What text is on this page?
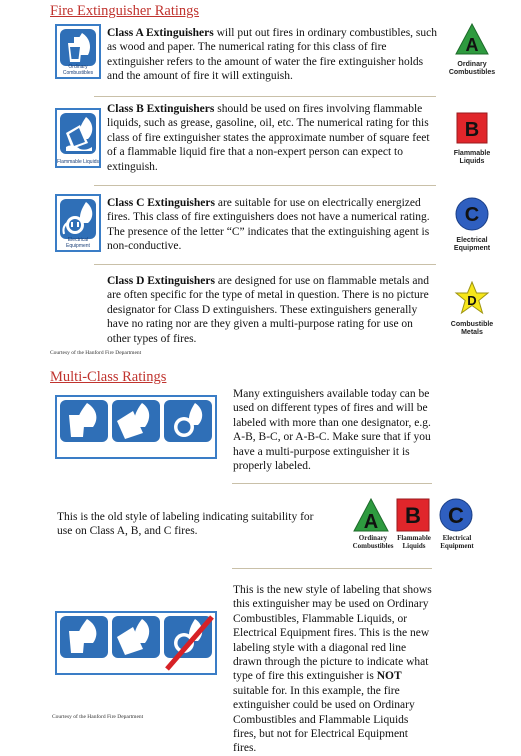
Fire Extinguisher Ratings
Ordinary Combustibles

Class A Extinguishers will put out fires in ordinary combustibles, such as wood and paper. The numerical rating for this class of fire extinguisher refers to the amount of water the fire extinguisher holds and the amount of fire it will extinguish.

A
Ordinary
Combustibles
Flammable Liquids

Class B Extinguishers should be used on fires involving flammable liquids, such as grease, gasoline, oil, etc. The numerical rating for this class of fire extinguisher states the approximate number of square feet of a flammable liquid fire that a non-expert person can expect to extinguish.

B
Flammable
Liquids
Electrical Equipment

Class C Extinguishers are suitable for use on electrically energized fires. This class of fire extinguishers does not have a numerical rating. The presence of the letter “C” indicates that the extinguishing agent is non-conductive.

C
Electrical
Equipment

Class D Extinguishers are designed for use on flammable metals and are often specific for the type of metal in question. There is no picture designator for Class D extinguishers. These extinguishers generally have no rating nor are they given a multi-purpose rating for use on other types of fires.

D
Combustible
Metals
Courtesy of the Hanford Fire Department
Multi-Class Ratings

Many extinguishers available today can be used on different types of fires and will be labeled with more than one designator, e.g. A-B, B-C, or A-B-C. Make sure that if you have a multi-purpose extinguisher it is properly labeled.

This is the old style of labeling indicating suitability for use on Class A, B, and C fires.	A B C
Ordinary
Combustibles
Flammable
Liquids
Electrical
Equipment

This is the new style of labeling that shows this extinguisher may be used on Ordinary Combustibles, Flammable Liquids, or Electrical Equipment fires. This is the new labeling style with a diagonal red line drawn through the picture to indicate what type of fire this extinguisher is NOT suitable for. In this example, the fire extinguisher could be used on Ordinary Combustibles and Flammable Liquids fires, but not for Electrical Equipment fires.

Courtesy of the Hanford Fire Department
